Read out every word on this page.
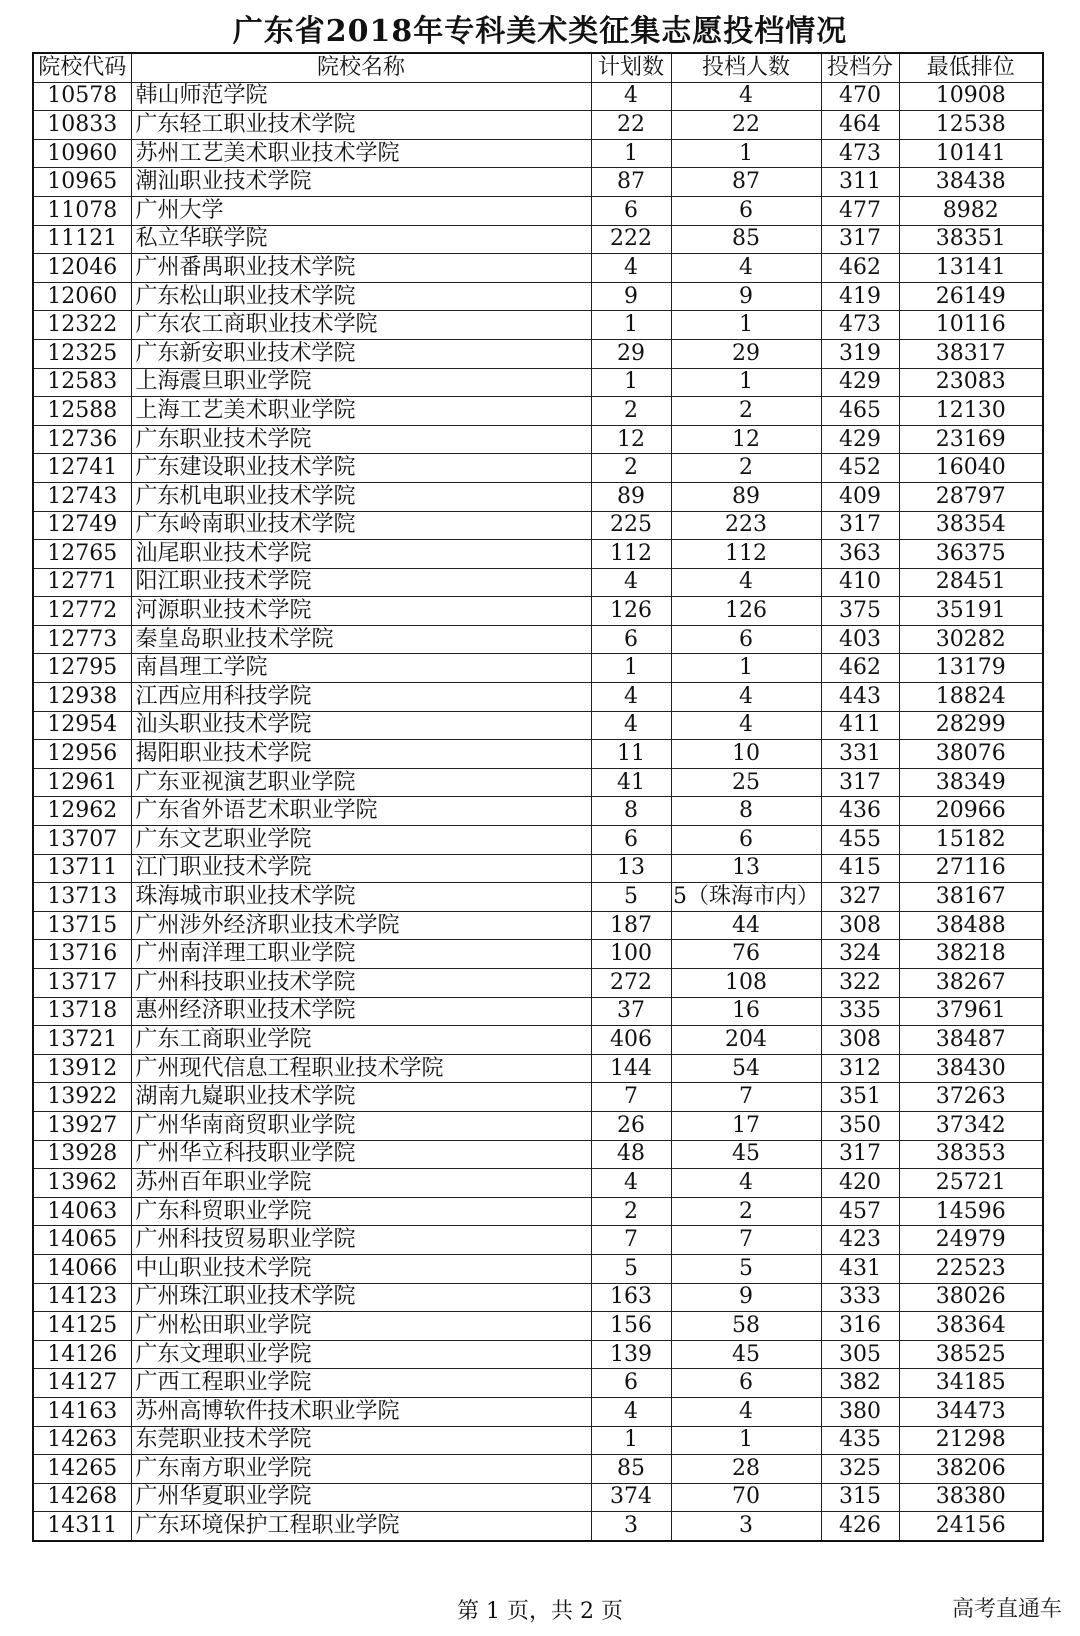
广东省2018年专科美术类征集志愿投档情况
院校代码	院校名称	计划数	投档人数	投档分	最低排位
10578	韩山师范学院	4	4	470	10908
10833	广东轻工职业技术学院	22	22	464	12538
10960	苏州工艺美术职业技术学院	1	1	473	10141
10965	潮汕职业技术学院	87	87	311	38438
11078	广州大学	6	6	477	8982
11121	私立华联学院	222	85	317	38351
12046	广州番禺职业技术学院	4	4	462	13141
12060	广东松山职业技术学院	9	9	419	26149
12322	广东农工商职业技术学院	1	1	473	10116
12325	广东新安职业技术学院	29	29	319	38317
12583	上海震旦职业学院	1	1	429	23083
12588	上海工艺美术职业学院	2	2	465	12130
12736	广东职业技术学院	12	12	429	23169
12741	广东建设职业技术学院	2	2	452	16040
12743	广东机电职业技术学院	89	89	409	28797
12749	广东岭南职业技术学院	225	223	317	38354
12765	汕尾职业技术学院	112	112	363	36375
12771	阳江职业技术学院	4	4	410	28451
12772	河源职业技术学院	126	126	375	35191
12773	秦皇岛职业技术学院	6	6	403	30282
12795	南昌理工学院	1	1	462	13179
12938	江西应用科技学院	4	4	443	18824
12954	汕头职业技术学院	4	4	411	28299
12956	揭阳职业技术学院	11	10	331	38076
12961	广东亚视演艺职业学院	41	25	317	38349
12962	广东省外语艺术职业学院	8	8	436	20966
13707	广东文艺职业学院	6	6	455	15182
13711	江门职业技术学院	13	13	415	27116
13713	珠海城市职业技术学院	5	5（珠海市内）	327	38167
13715	广州涉外经济职业技术学院	187	44	308	38488
13716	广州南洋理工职业学院	100	76	324	38218
13717	广州科技职业技术学院	272	108	322	38267
13718	惠州经济职业技术学院	37	16	335	37961
13721	广东工商职业学院	406	204	308	38487
13912	广州现代信息工程职业技术学院	144	54	312	38430
13922	湖南九嶷职业技术学院	7	7	351	37263
13927	广州华南商贸职业学院	26	17	350	37342
13928	广州华立科技职业学院	48	45	317	38353
13962	苏州百年职业学院	4	4	420	25721
14063	广东科贸职业学院	2	2	457	14596
14065	广州科技贸易职业学院	7	7	423	24979
14066	中山职业技术学院	5	5	431	22523
14123	广州珠江职业技术学院	163	9	333	38026
14125	广州松田职业学院	156	58	316	38364
14126	广东文理职业学院	139	45	305	38525
14127	广西工程职业学院	6	6	382	34185
14163	苏州高博软件技术职业学院	4	4	380	34473
14263	东莞职业技术学院	1	1	435	21298
14265	广东南方职业学院	85	28	325	38206
14268	广州华夏职业学院	374	70	315	38380
14311	广东环境保护工程职业学院	3	3	426	24156
第 1 页，共 2 页	高考直通车
